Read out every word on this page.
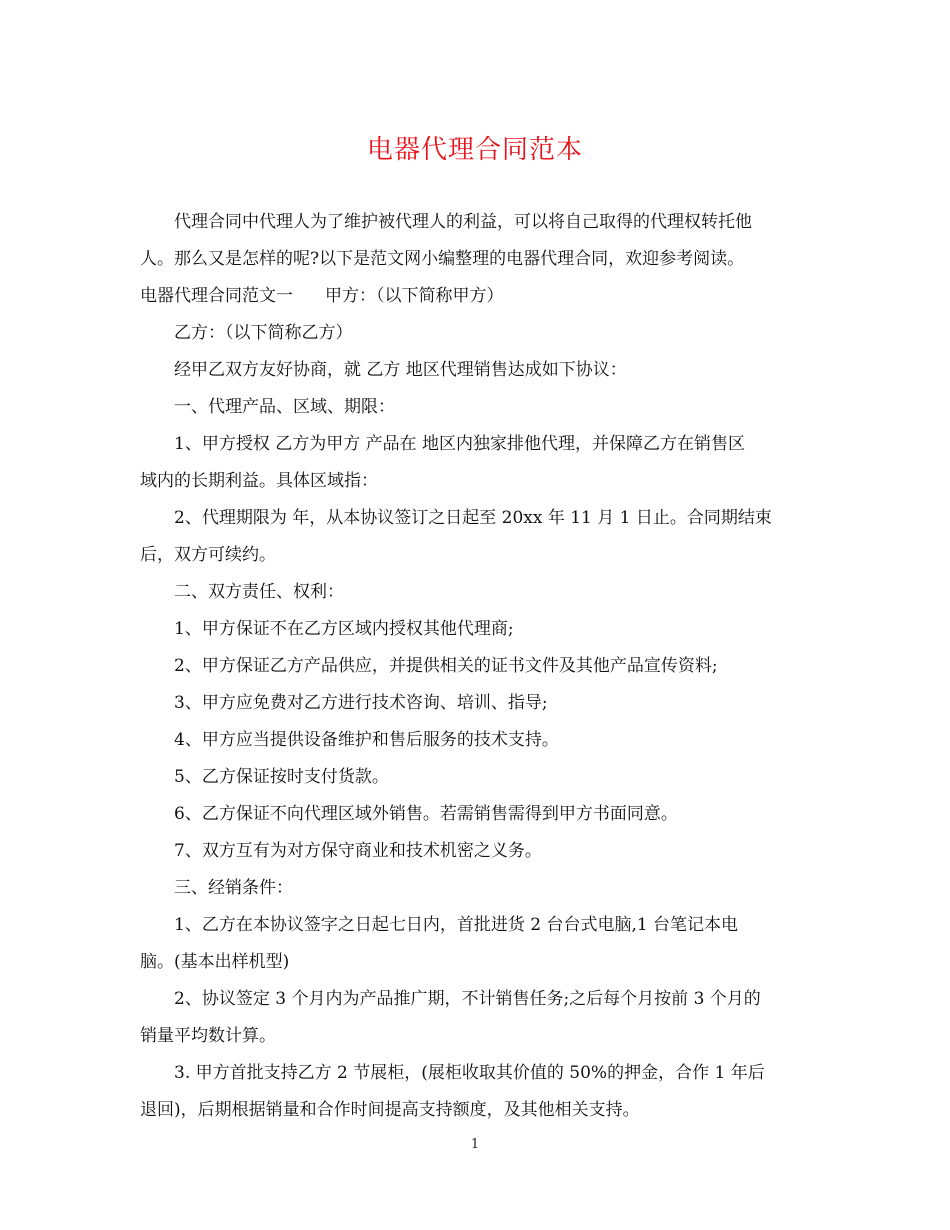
电器代理合同范本

代理合同中代理人为了维护被代理人的利益，可以将自己取得的代理权转托他

人。那么又是怎样的呢?以下是范文网小编整理的电器代理合同，欢迎参考阅读。

电器代理合同范文一 甲方：（以下简称甲方）

乙方：（以下简称乙方）

经甲乙双方友好协商，就 乙方 地区代理销售达成如下协议：

一、代理产品、区域、期限：

1、甲方授权 乙方为甲方 产品在 地区内独家排他代理，并保障乙方在销售区

域内的长期利益。具体区域指：

2、代理期限为 年，从本协议签订之日起至 20xx 年 11 月 1 日止。合同期结束

后，双方可续约。

二、双方责任、权利：

1、甲方保证不在乙方区域内授权其他代理商;

2、甲方保证乙方产品供应，并提供相关的证书文件及其他产品宣传资料;

3、甲方应免费对乙方进行技术咨询、培训、指导;

4、甲方应当提供设备维护和售后服务的技术支持。

5、乙方保证按时支付货款。

6、乙方保证不向代理区域外销售。若需销售需得到甲方书面同意。

7、双方互有为对方保守商业和技术机密之义务。

三、经销条件：

1、乙方在本协议签字之日起七日内，首批进货 2 台台式电脑,1 台笔记本电

脑。(基本出样机型)

2、协议签定 3 个月内为产品推广期，不计销售任务;之后每个月按前 3 个月的

销量平均数计算。

3. 甲方首批支持乙方 2 节展柜，(展柜收取其价值的 50%的押金，合作 1 年后

退回)，后期根据销量和合作时间提高支持额度，及其他相关支持。

1
